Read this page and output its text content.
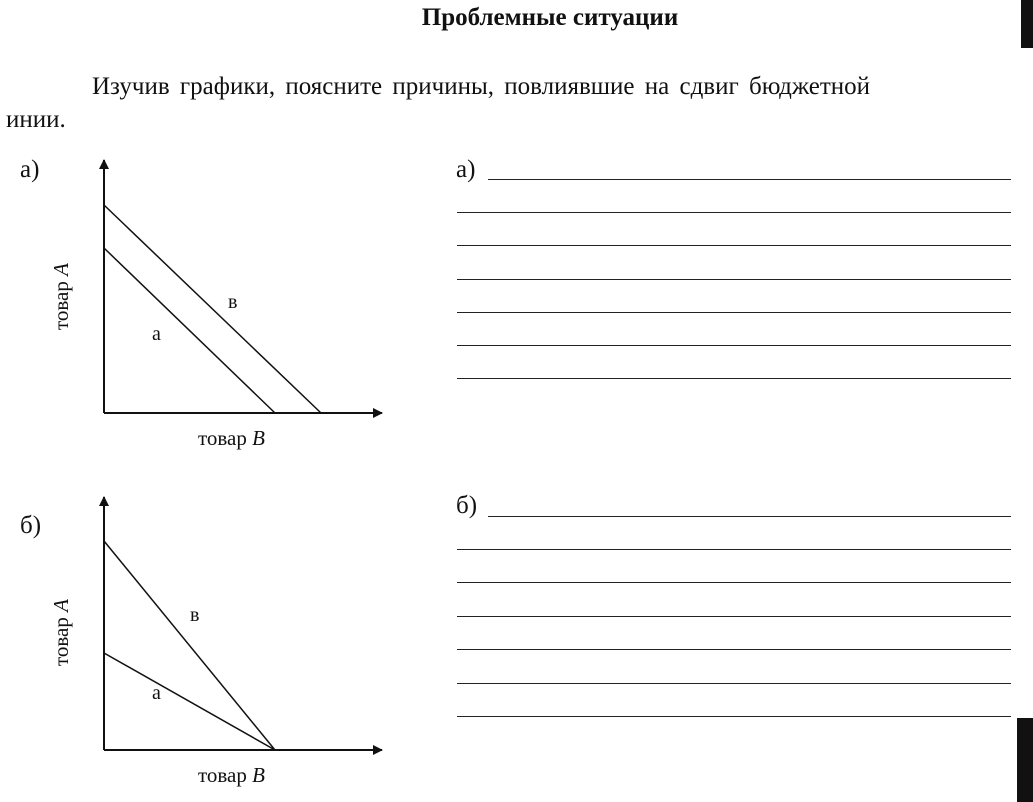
Проблемные ситуации
Изучив графики, поясните причины, повлиявшие на сдвиг бюджетной
инии.
а)
а
в
товар A
товар B
б)
а
в
товар A
товар B
а)
б)
